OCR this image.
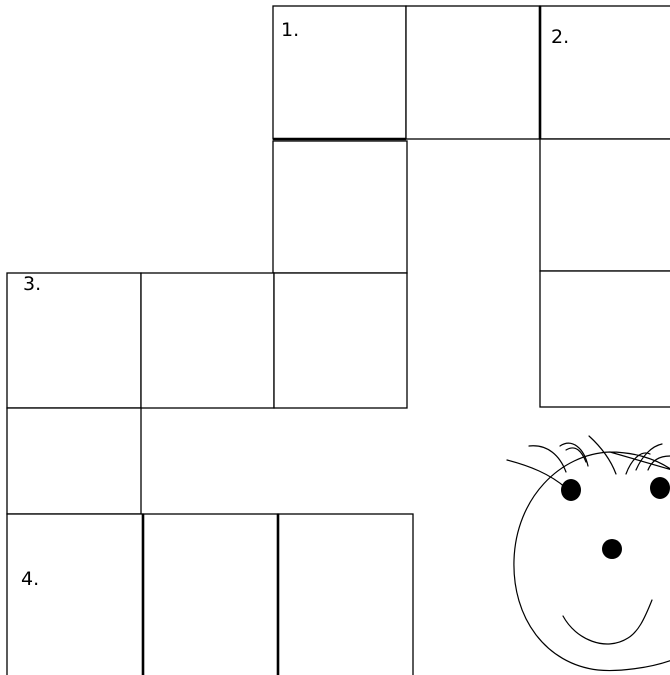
1.	2.
3.
4.
